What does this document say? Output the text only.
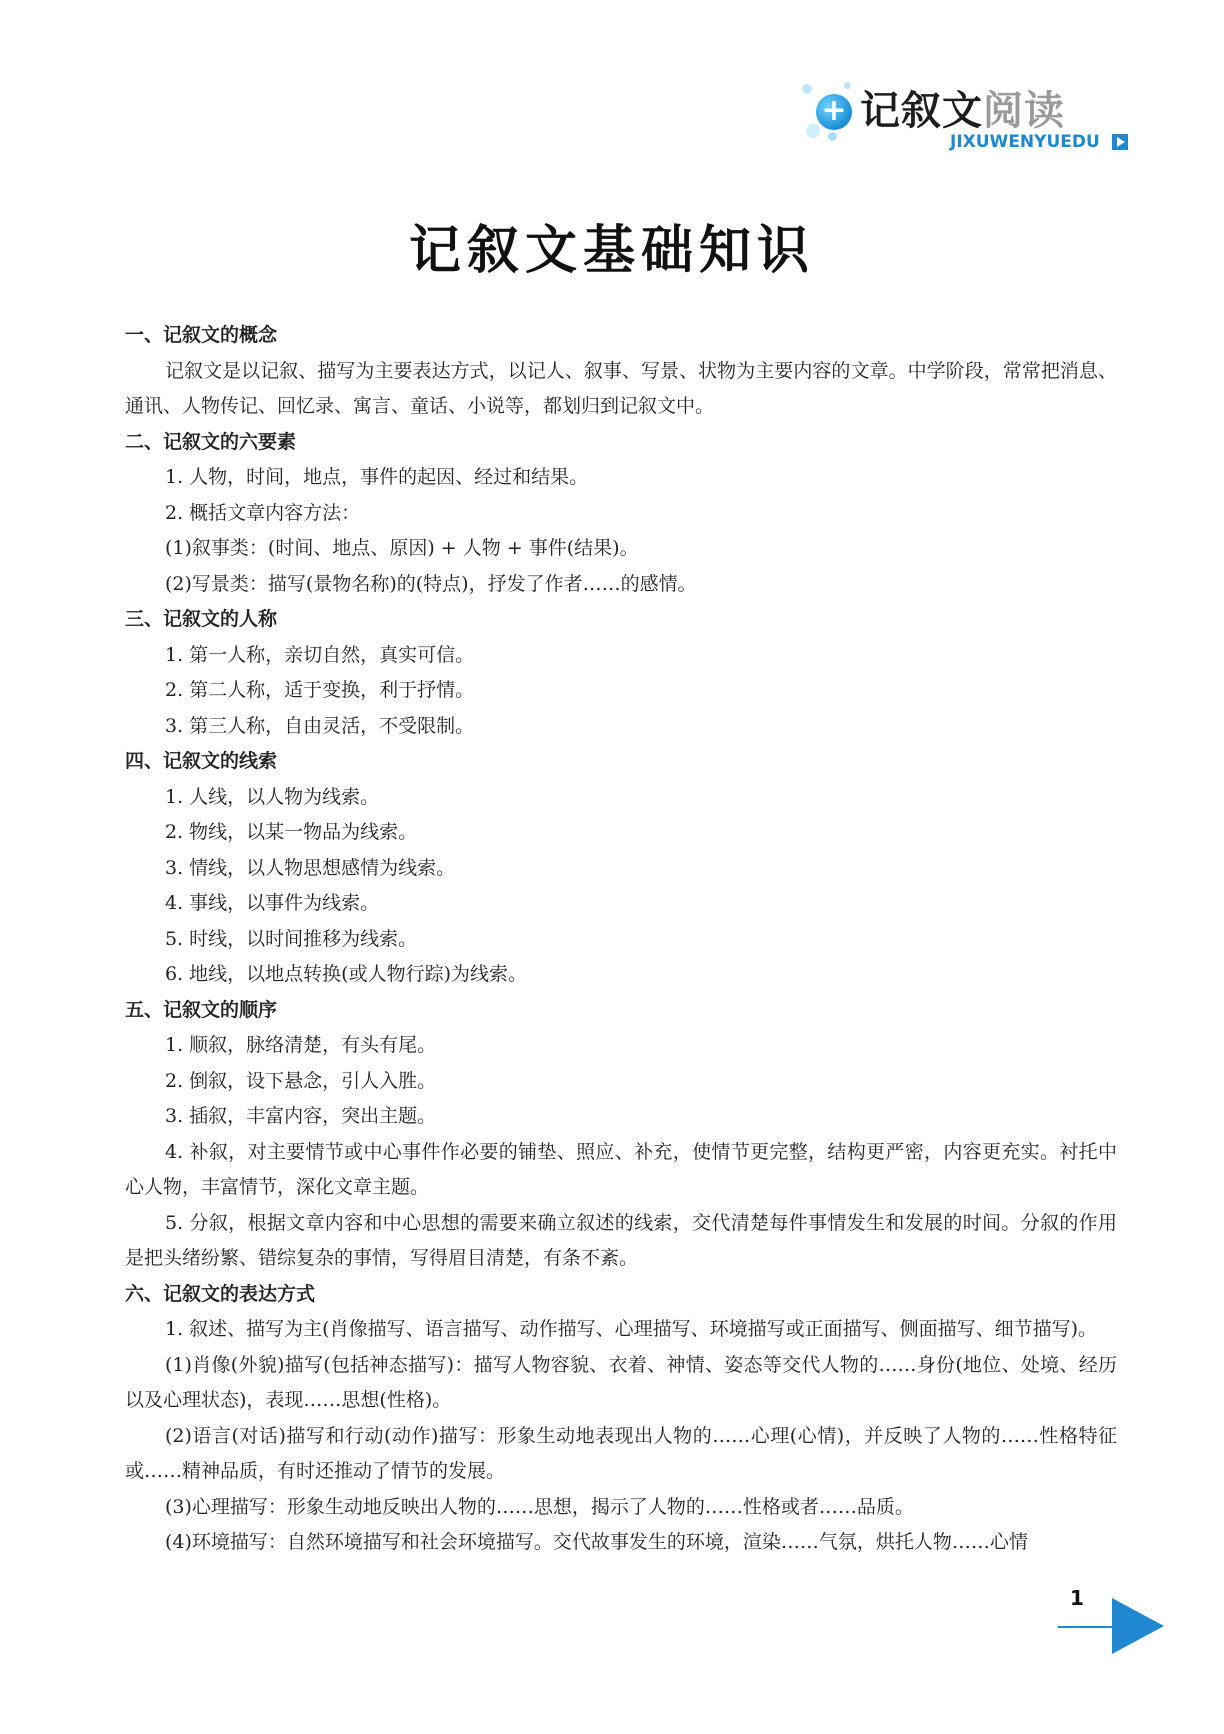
+ 记叙文阅读
JIXUWENYUEDU
记叙文基础知识

一、记叙文的概念

记叙文是以记叙、描写为主要表达方式，以记人、叙事、写景、状物为主要内容的文章。中学阶段，常常把消息、通讯、人物传记、回忆录、寓言、童话、小说等，都划归到记叙文中。

二、记叙文的六要素

1. 人物，时间，地点，事件的起因、经过和结果。

2. 概括文章内容方法：

(1)叙事类：(时间、地点、原因) + 人物 + 事件(结果)。

(2)写景类：描写(景物名称)的(特点)，抒发了作者……的感情。

三、记叙文的人称

1. 第一人称，亲切自然，真实可信。

2. 第二人称，适于变换，利于抒情。

3. 第三人称，自由灵活，不受限制。

四、记叙文的线索

1. 人线，以人物为线索。

2. 物线，以某一物品为线索。

3. 情线，以人物思想感情为线索。

4. 事线，以事件为线索。

5. 时线，以时间推移为线索。

6. 地线，以地点转换(或人物行踪)为线索。

五、记叙文的顺序

1. 顺叙，脉络清楚，有头有尾。

2. 倒叙，设下悬念，引人入胜。

3. 插叙，丰富内容，突出主题。

4. 补叙，对主要情节或中心事件作必要的铺垫、照应、补充，使情节更完整，结构更严密，内容更充实。衬托中心人物，丰富情节，深化文章主题。

5. 分叙，根据文章内容和中心思想的需要来确立叙述的线索，交代清楚每件事情发生和发展的时间。分叙的作用是把头绪纷繁、错综复杂的事情，写得眉目清楚，有条不紊。

六、记叙文的表达方式

1. 叙述、描写为主(肖像描写、语言描写、动作描写、心理描写、环境描写或正面描写、侧面描写、细节描写)。

(1)肖像(外貌)描写(包括神态描写)：描写人物容貌、衣着、神情、姿态等交代人物的……身份(地位、处境、经历以及心理状态)，表现……思想(性格)。

(2)语言(对话)描写和行动(动作)描写：形象生动地表现出人物的……心理(心情)，并反映了人物的……性格特征或……精神品质，有时还推动了情节的发展。

(3)心理描写：形象生动地反映出人物的……思想，揭示了人物的……性格或者……品质。

(4)环境描写：自然环境描写和社会环境描写。交代故事发生的环境，渲染……气氛，烘托人物……心情

1
